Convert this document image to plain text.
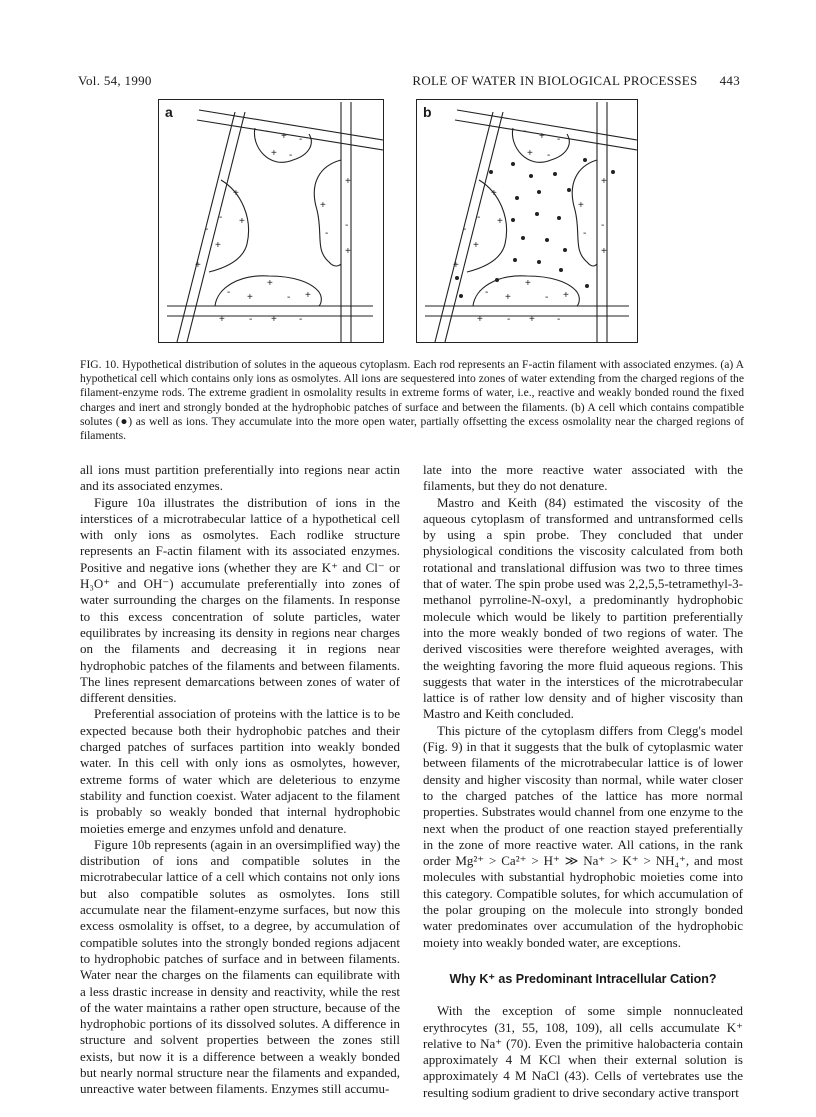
Vol. 54, 1990	ROLE OF WATER IN BIOLOGICAL PROCESSES 443
- + -
+ -
+
+
-
-
+
+
- +
+
-
+
- +
+
- +
+ - + -
a
- + -
+ -
+
+
-
-
+
+
- +
+
-
+
- +
+
- +
+ - + -
b
FIG. 10. Hypothetical distribution of solutes in the aqueous cytoplasm. Each rod represents an F-actin filament with associated enzymes. (a) A hypothetical cell which contains only ions as osmolytes. All ions are sequestered into zones of water extending from the charged regions of the filament-enzyme rods. The extreme gradient in osmolality results in extreme forms of water, i.e., reactive and weakly bonded round the fixed charges and inert and strongly bonded at the hydrophobic patches of surface and between the filaments. (b) A cell which contains compatible solutes (●) as well as ions. They accumulate into the more open water, partially offsetting the excess osmolality near the charged regions of filaments.

all ions must partition preferentially into regions near actin and its associated enzymes.

Figure 10a illustrates the distribution of ions in the interstices of a microtrabecular lattice of a hypothetical cell with only ions as osmolytes. Each rodlike structure represents an F-actin filament with its associated enzymes. Positive and negative ions (whether they are K⁺ and Cl⁻ or H₃O⁺ and OH⁻) accumulate preferentially into zones of water surrounding the charges on the filaments. In response to this excess concentration of solute particles, water equilibrates by increasing its density in regions near charges on the filaments and decreasing it in regions near hydrophobic patches of the filaments and between filaments. The lines represent demarcations between zones of water of different densities.

Preferential association of proteins with the lattice is to be expected because both their hydrophobic patches and their charged patches of surfaces partition into weakly bonded water. In this cell with only ions as osmolytes, however, extreme forms of water which are deleterious to enzyme stability and function coexist. Water adjacent to the filament is probably so weakly bonded that internal hydrophobic moieties emerge and enzymes unfold and denature.

Figure 10b represents (again in an oversimplified way) the distribution of ions and compatible solutes in the microtrabecular lattice of a cell which contains not only ions but also compatible solutes as osmolytes. Ions still accumulate near the filament-enzyme surfaces, but now this excess osmolality is offset, to a degree, by accumulation of compatible solutes into the strongly bonded regions adjacent to hydrophobic patches of surface and in between filaments. Water near the charges on the filaments can equilibrate with a less drastic increase in density and reactivity, while the rest of the water maintains a rather open structure, because of the hydrophobic portions of its dissolved solutes. A difference in structure and solvent properties between the zones still exists, but now it is a difference between a weakly bonded but nearly normal structure near the filaments and expanded, unreactive water between filaments. Enzymes still accumu-

late into the more reactive water associated with the filaments, but they do not denature.

Mastro and Keith (84) estimated the viscosity of the aqueous cytoplasm of transformed and untransformed cells by using a spin probe. They concluded that under physiological conditions the viscosity calculated from both rotational and translational diffusion was two to three times that of water. The spin probe used was 2,2,5,5-tetramethyl-3-methanol pyrroline-N-oxyl, a predominantly hydrophobic molecule which would be likely to partition preferentially into the more weakly bonded of two regions of water. The derived viscosities were therefore weighted averages, with the weighting favoring the more fluid aqueous regions. This suggests that water in the interstices of the microtrabecular lattice is of rather low density and of higher viscosity than Mastro and Keith concluded.

This picture of the cytoplasm differs from Clegg's model (Fig. 9) in that it suggests that the bulk of cytoplasmic water between filaments of the microtrabecular lattice is of lower density and higher viscosity than normal, while water closer to the charged patches of the lattice has more normal properties. Substrates would channel from one enzyme to the next when the product of one reaction stayed preferentially in the zone of more reactive water. All cations, in the rank order Mg²⁺ > Ca²⁺ > H⁺ ≫ Na⁺ > K⁺ > NH₄⁺, and most molecules with substantial hydrophobic moieties come into this category. Compatible solutes, for which accumulation of the polar grouping on the molecule into strongly bonded water predominates over accumulation of the hydrophobic moiety into weakly bonded water, are exceptions.

Why K⁺ as Predominant Intracellular Cation?

With the exception of some simple nonnucleated erythrocytes (31, 55, 108, 109), all cells accumulate K⁺ relative to Na⁺ (70). Even the primitive halobacteria contain approximately 4 M KCl when their external solution is approximately 4 M NaCl (43). Cells of vertebrates use the resulting sodium gradient to drive secondary active transport
